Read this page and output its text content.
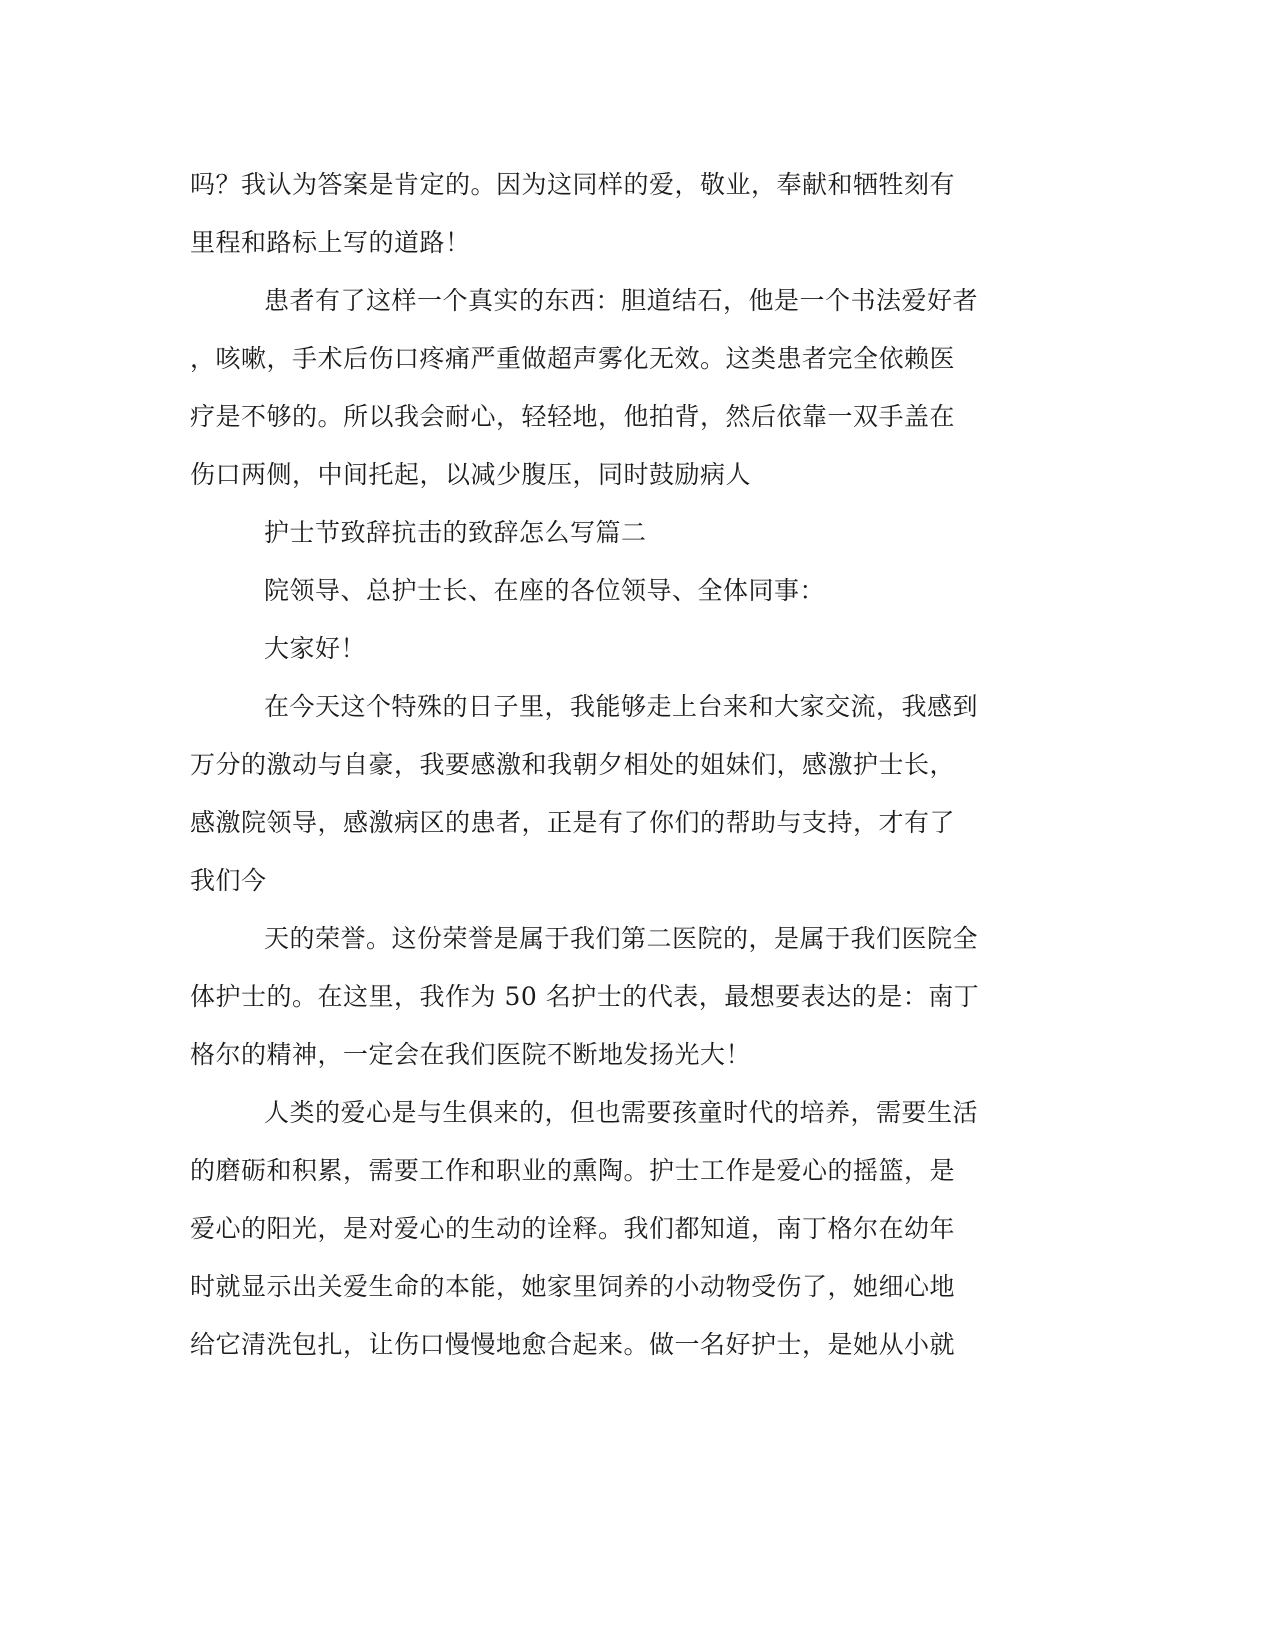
吗？我认为答案是肯定的。因为这同样的爱，敬业，奉献和牺牲刻有

里程和路标上写的道路！

患者有了这样一个真实的东西：胆道结石，他是一个书法爱好者

，咳嗽，手术后伤口疼痛严重做超声雾化无效。这类患者完全依赖医

疗是不够的。所以我会耐心，轻轻地，他拍背，然后依靠一双手盖在

伤口两侧，中间托起，以减少腹压，同时鼓励病人

护士节致辞抗击的致辞怎么写篇二

院领导、总护士长、在座的各位领导、全体同事：

大家好！

在今天这个特殊的日子里，我能够走上台来和大家交流，我感到

万分的激动与自豪，我要感激和我朝夕相处的姐妹们，感激护士长，

感激院领导，感激病区的患者，正是有了你们的帮助与支持，才有了

我们今

天的荣誉。这份荣誉是属于我们第二医院的，是属于我们医院全

体护士的。在这里，我作为 50 名护士的代表，最想要表达的是：南丁

格尔的精神，一定会在我们医院不断地发扬光大！

人类的爱心是与生俱来的，但也需要孩童时代的培养，需要生活

的磨砺和积累，需要工作和职业的熏陶。护士工作是爱心的摇篮，是

爱心的阳光，是对爱心的生动的诠释。我们都知道，南丁格尔在幼年

时就显示出关爱生命的本能，她家里饲养的小动物受伤了，她细心地

给它清洗包扎，让伤口慢慢地愈合起来。做一名好护士，是她从小就
